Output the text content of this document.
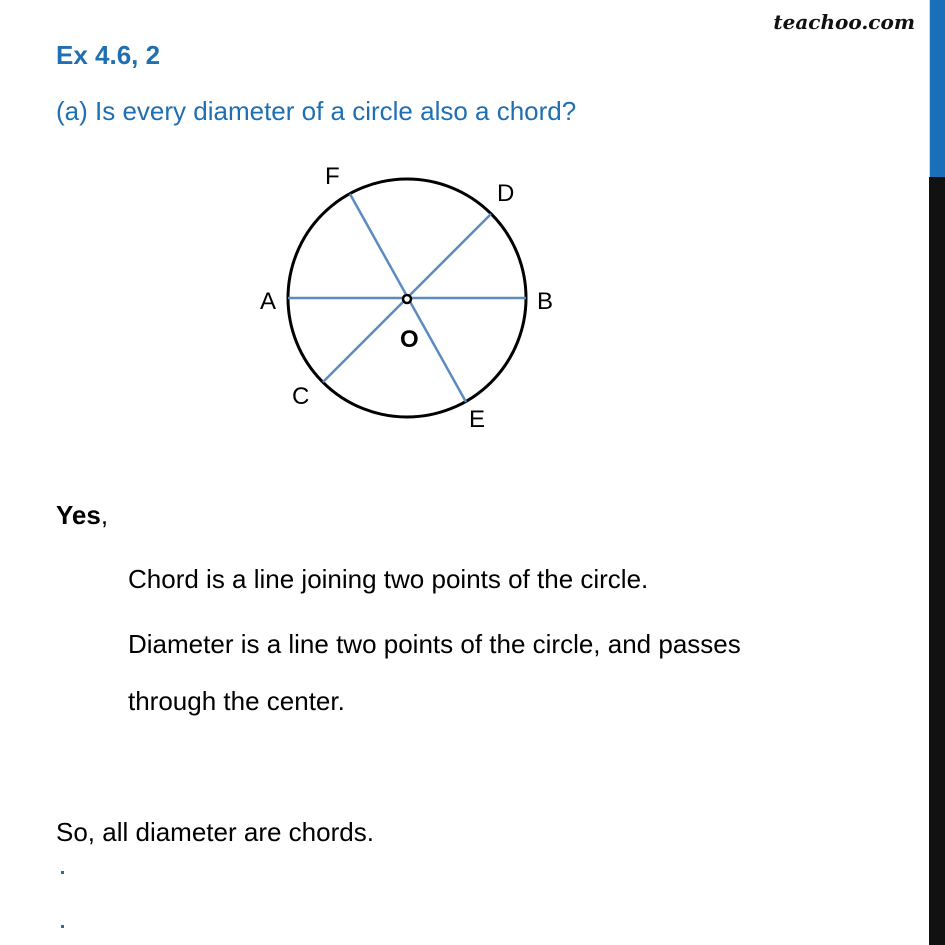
teachoo.com
Ex 4.6, 2
(a) Is every diameter of a circle also a chord?
F
D
A	B
O
C
E
Yes,
Chord is a line joining two points of the circle.
Diameter is a line two points of the circle, and passes
through the center.
So, all diameter are chords.
